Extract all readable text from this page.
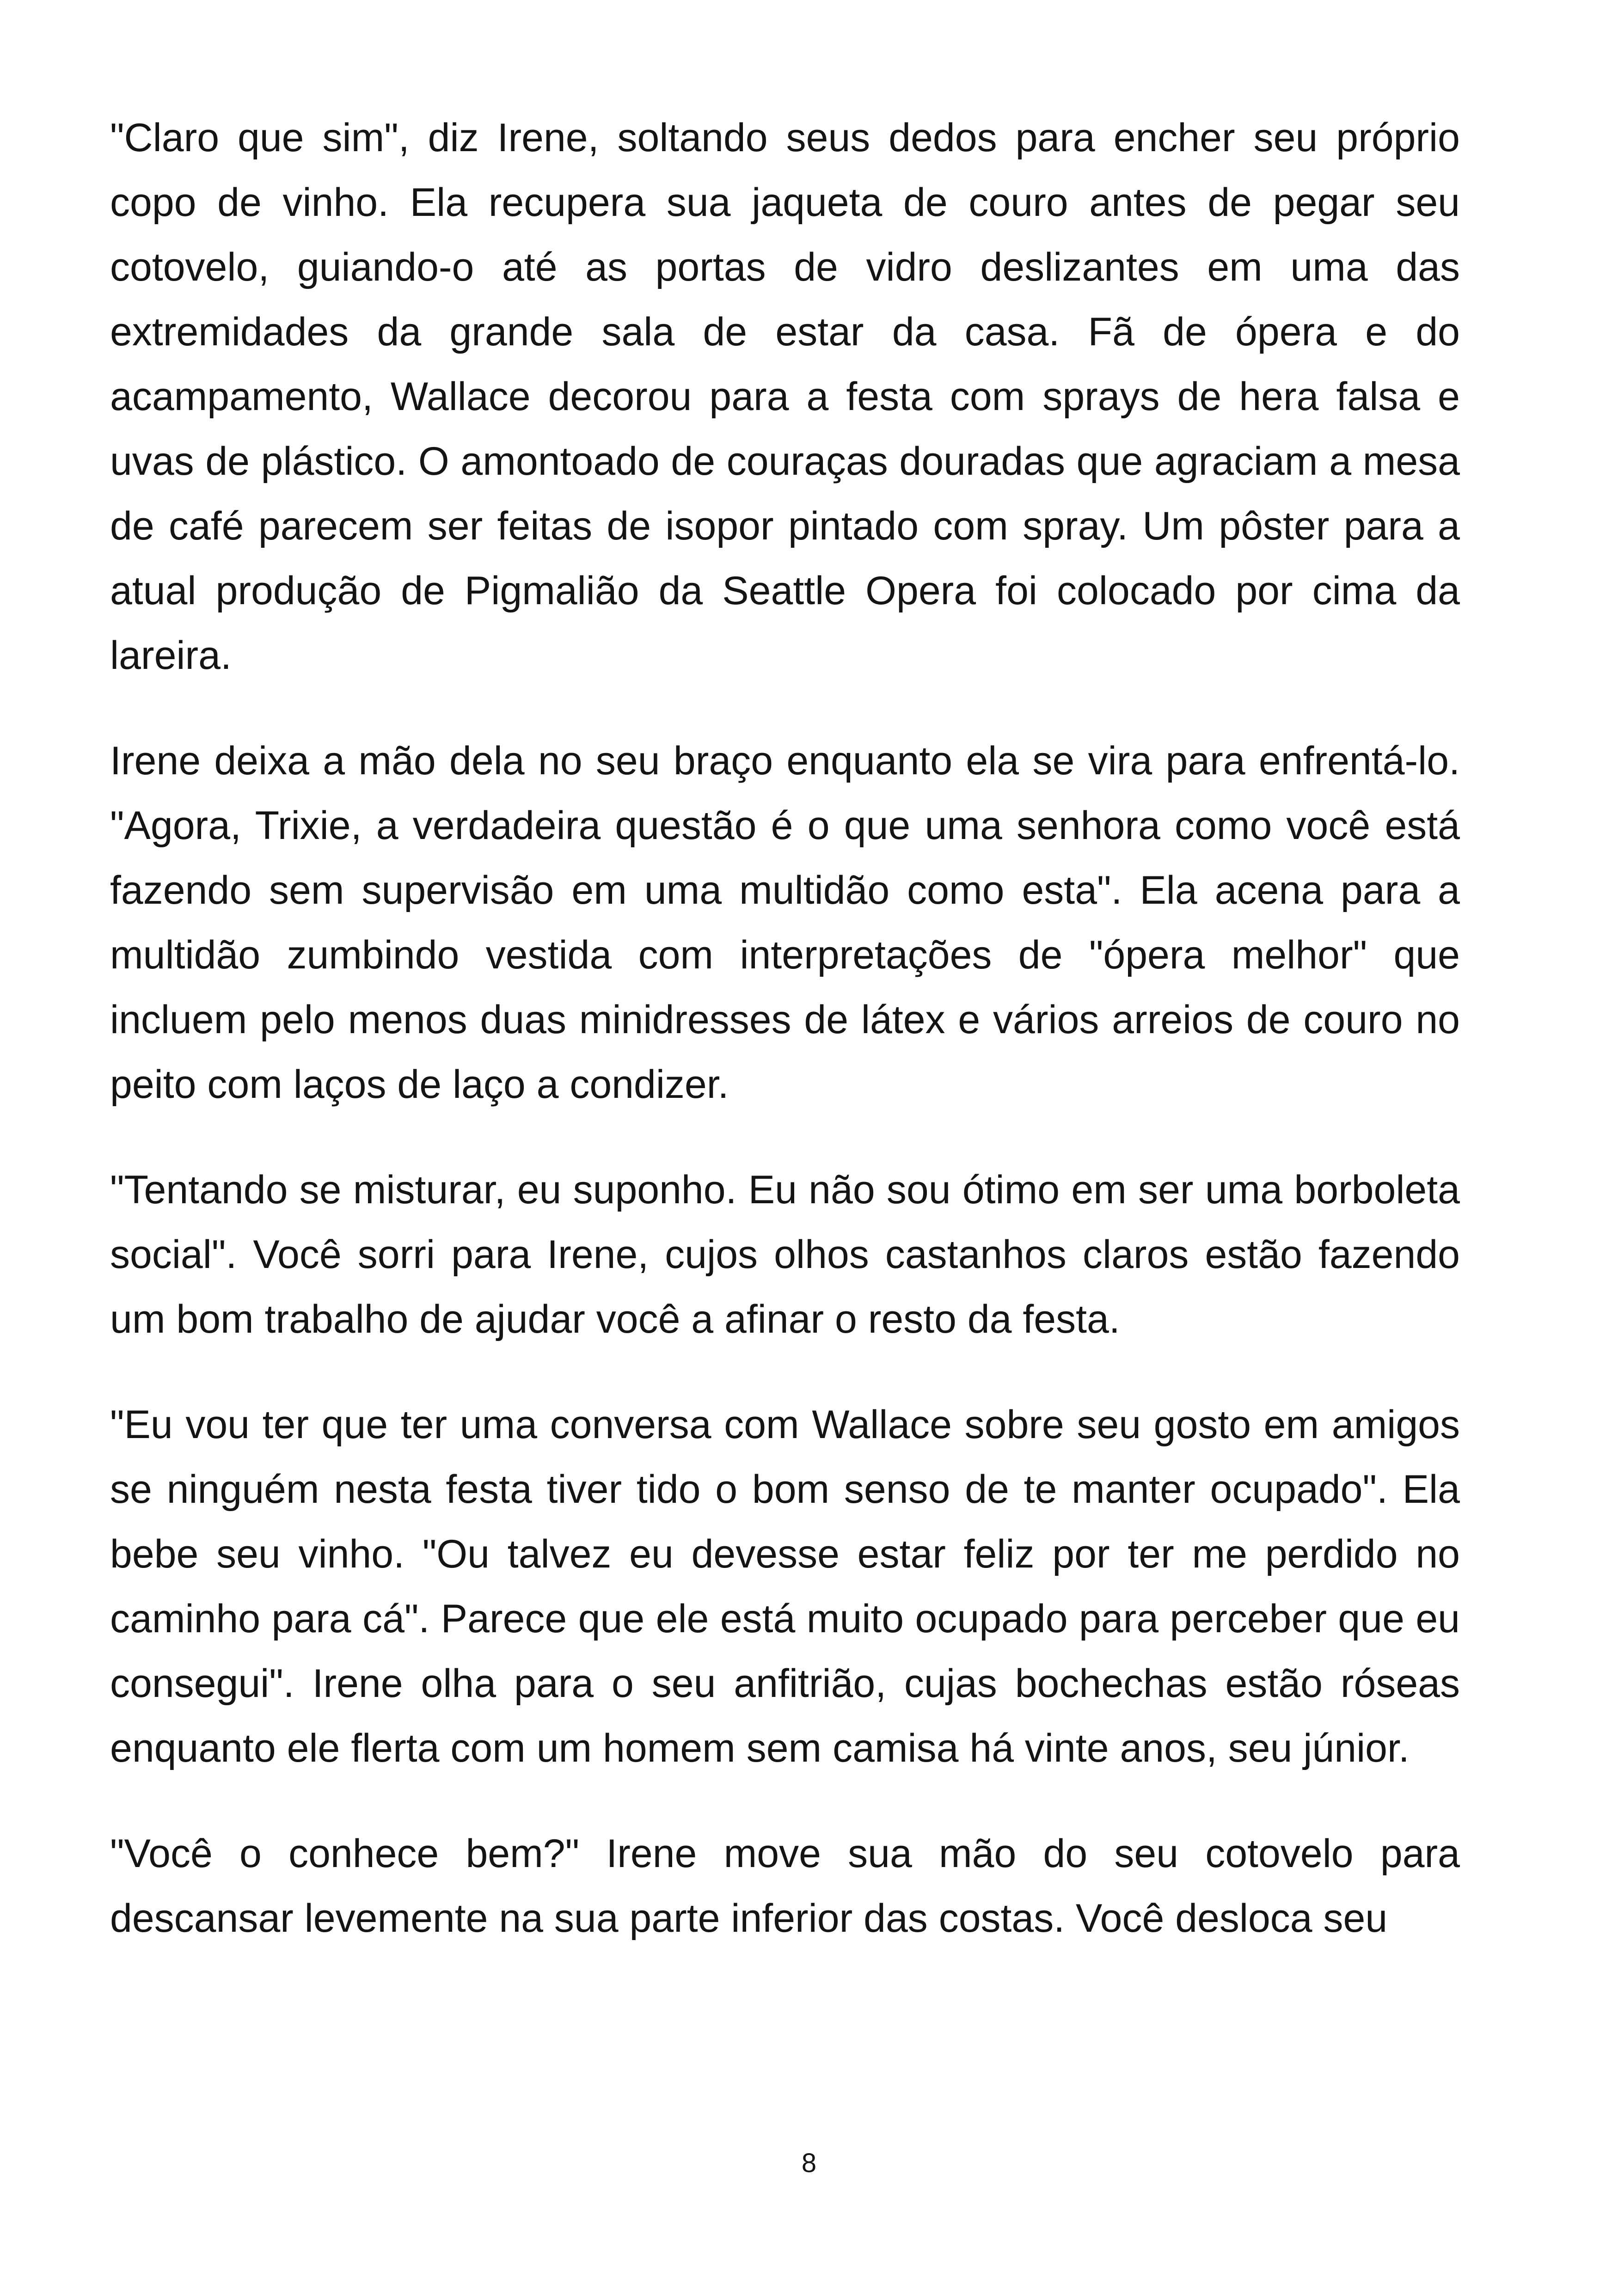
"Claro que sim", diz Irene, soltando seus dedos para encher seu próprio copo de vinho. Ela recupera sua jaqueta de couro antes de pegar seu cotovelo, guiando-o até as portas de vidro deslizantes em uma das extremidades da grande sala de estar da casa. Fã de ópera e do acampamento, Wallace decorou para a festa com sprays de hera falsa e uvas de plástico. O amontoado de couraças douradas que agraciam a mesa de café parecem ser feitas de isopor pintado com spray. Um pôster para a atual produção de Pigmalião da Seattle Opera foi colocado por cima da lareira.

Irene deixa a mão dela no seu braço enquanto ela se vira para enfrentá-lo. "Agora, Trixie, a verdadeira questão é o que uma senhora como você está fazendo sem supervisão em uma multidão como esta". Ela acena para a multidão zumbindo vestida com interpretações de "ópera melhor" que incluem pelo menos duas minidresses de látex e vários arreios de couro no peito com laços de laço a condizer.

"Tentando se misturar, eu suponho. Eu não sou ótimo em ser uma borboleta social". Você sorri para Irene, cujos olhos castanhos claros estão fazendo um bom trabalho de ajudar você a afinar o resto da festa.

"Eu vou ter que ter uma conversa com Wallace sobre seu gosto em amigos se ninguém nesta festa tiver tido o bom senso de te manter ocupado". Ela bebe seu vinho. "Ou talvez eu devesse estar feliz por ter me perdido no caminho para cá". Parece que ele está muito ocupado para perceber que eu consegui". Irene olha para o seu anfitrião, cujas bochechas estão róseas enquanto ele flerta com um homem sem camisa há vinte anos, seu júnior.

"Você o conhece bem?" Irene move sua mão do seu cotovelo para descansar levemente na sua parte inferior das costas. Você desloca seu

8
